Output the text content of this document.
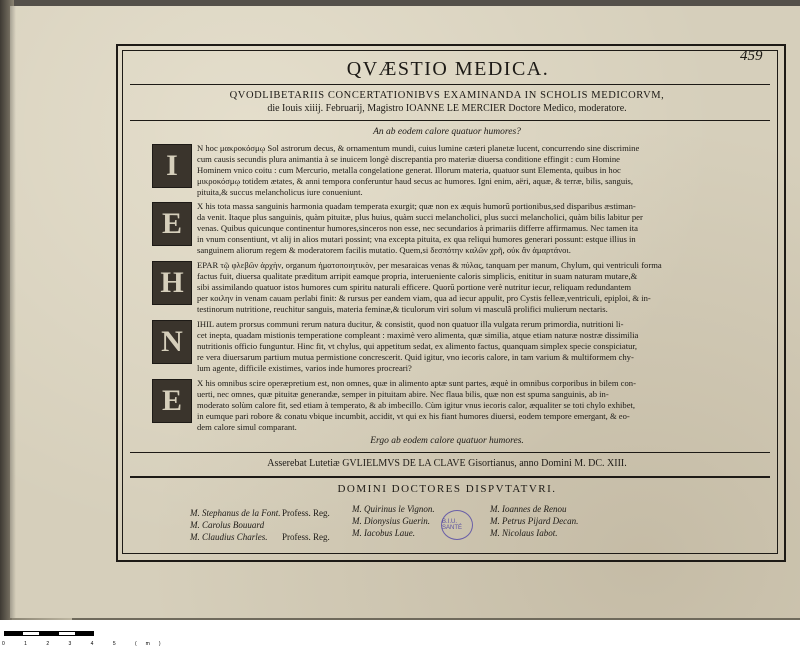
459
QVÆSTIO MEDICA.
QVODLIBETARIIS CONCERTATIONIBVS EXAMINANDA IN SCHOLIS MEDICORVM,
die Iouis xiiij. Februarij, Magistro IOANNE LE MERCIER Doctore Medico, moderatore.
An ab eodem calore quatuor humores?
I
N hoc μακρoκόσμῳ Sol astrorum decus, & ornamentum mundi, cuius lumine cæteri planetæ lucent, concurrendo sine discrimine
cum causis secundis plura animantia à se inuicem longè discrepantia pro materiæ diuersa conditione effingit : cum Homine
Hominem vnico coitu : cum Mercurio, metalla congelatione generat. Illorum materia, quatuor sunt Elementa, quibus in hoc
μικροκόσμῳ totidem ætates, & anni tempora conferuntur haud secus ac humores. Igni enim, aëri, aquæ, & terræ, bilis, sanguis,
pituita,& succus melancholicus iure conueniunt.
E
X his tota massa sanguinis harmonia quadam temperata exurgit; quæ non ex æquis humorū portionibus,sed disparibus æstiman-
da venit. Itaque plus sanguinis, quàm pituitæ, plus huius, quàm succi melancholici, plus succi melancholici, quàm bilis labitur per
venas. Quibus quicunque continentur humores,sinceros non esse, nec secundarios à primariis differre affirmamus. Nec tamen ita
in vnum consentiunt, vt alij in alios mutari possint; vna excepta pituita, ex qua reliqui humores generari possunt: estque illius in
sanguinem aliorum regem & moderatorem facilis mutatio. Quem,si δεσπότην καλῶν χρῆ, οὐκ ἂν ἁμαρτάνοι.
H
EPAR τῷ φλεβῶν ἀρχὴν, organum ἡματοποιητικὸν, per mesaraicas venas & πύλας, tanquam per manum, Chylum, qui ventriculi forma
factus fuit, diuersa qualitate præditum arripit eamque propria, interueniente caloris simplicis, enititur in suam naturam mutare,&
sibi assimilando quatuor istos humores cum spiritu naturali efficere. Quorū portione verè nutritur iecur, reliquam redundantem
per κοιλην in venam cauam perlabi finit: & rursus per eandem viam, qua ad iecur appulit, pro Cystis felleæ,ventriculi, epiploi, & in-
testinorum nutritione, reuchitur sanguis, materia feminæ,& ticulorum viri solum vi masculâ prolifici mulierum nectaris.
N
IHIL autem prorsus communi rerum natura ducitur, & consistit, quod non quatuor illa vulgata rerum primordia, nutritioni li-
cet inepta, quadam mistionis temperatione compleant : maximè vero alimenta, quæ similia, atque etiam naturæ nostræ dissimilia
nutritionis officio funguntur. Hinc fit, vt chylus, qui appetitum sedat, ex alimento factus, quanquam simplex specie conspiciatur,
re vera diuersarum partium mutua permistione concrescerit. Quid igitur, vno iecoris calore, in tam varium & multiformem chy-
lum agente, difficile existimes, varios inde humores procreari?
E
X his omnibus scire operæpretium est, non omnes, quæ in alimento aptæ sunt partes, æquè in omnibus corporibus in bilem con-
uerti, nec omnes, quæ pituitæ generandæ, semper in pituitam abire. Nec flaua bilis, quæ non est spuma sanguinis, ab in-
moderato solùm calore fit, sed etiam à temperato, & ab imbecillo. Cùm igitur vnus iecoris calor, æqualiter se toti chylo exhibet,
in eumque pari robore & conatu vbique incumbit, accidit, vt qui ex his fiant humores diuersi, eodem tempore emergant, & eo-
dem calore simul comparant.
Ergo ab eodem calore quatuor humores.
Asserebat Lutetiæ GVLIELMVS DE LA CLAVE Gisortianus, anno Domini M. DC. XIII.
DOMINI DOCTORES DISPVTATVRI.
M. Stephanus de la Font. Profess. Reg.
M. Carolus Bouuard
M. Claudius Charles. Profess. Reg.
M. Quirinus le Vignon.
M. Dionysius Guerin.
M. Iacobus Laue.
M. Ioannes de Renou
M. Petrus Pijard Decan.
M. Nicolaus Iabot.
B.I.U. SANTÉ
0 1 2 3 4 5 (m)
